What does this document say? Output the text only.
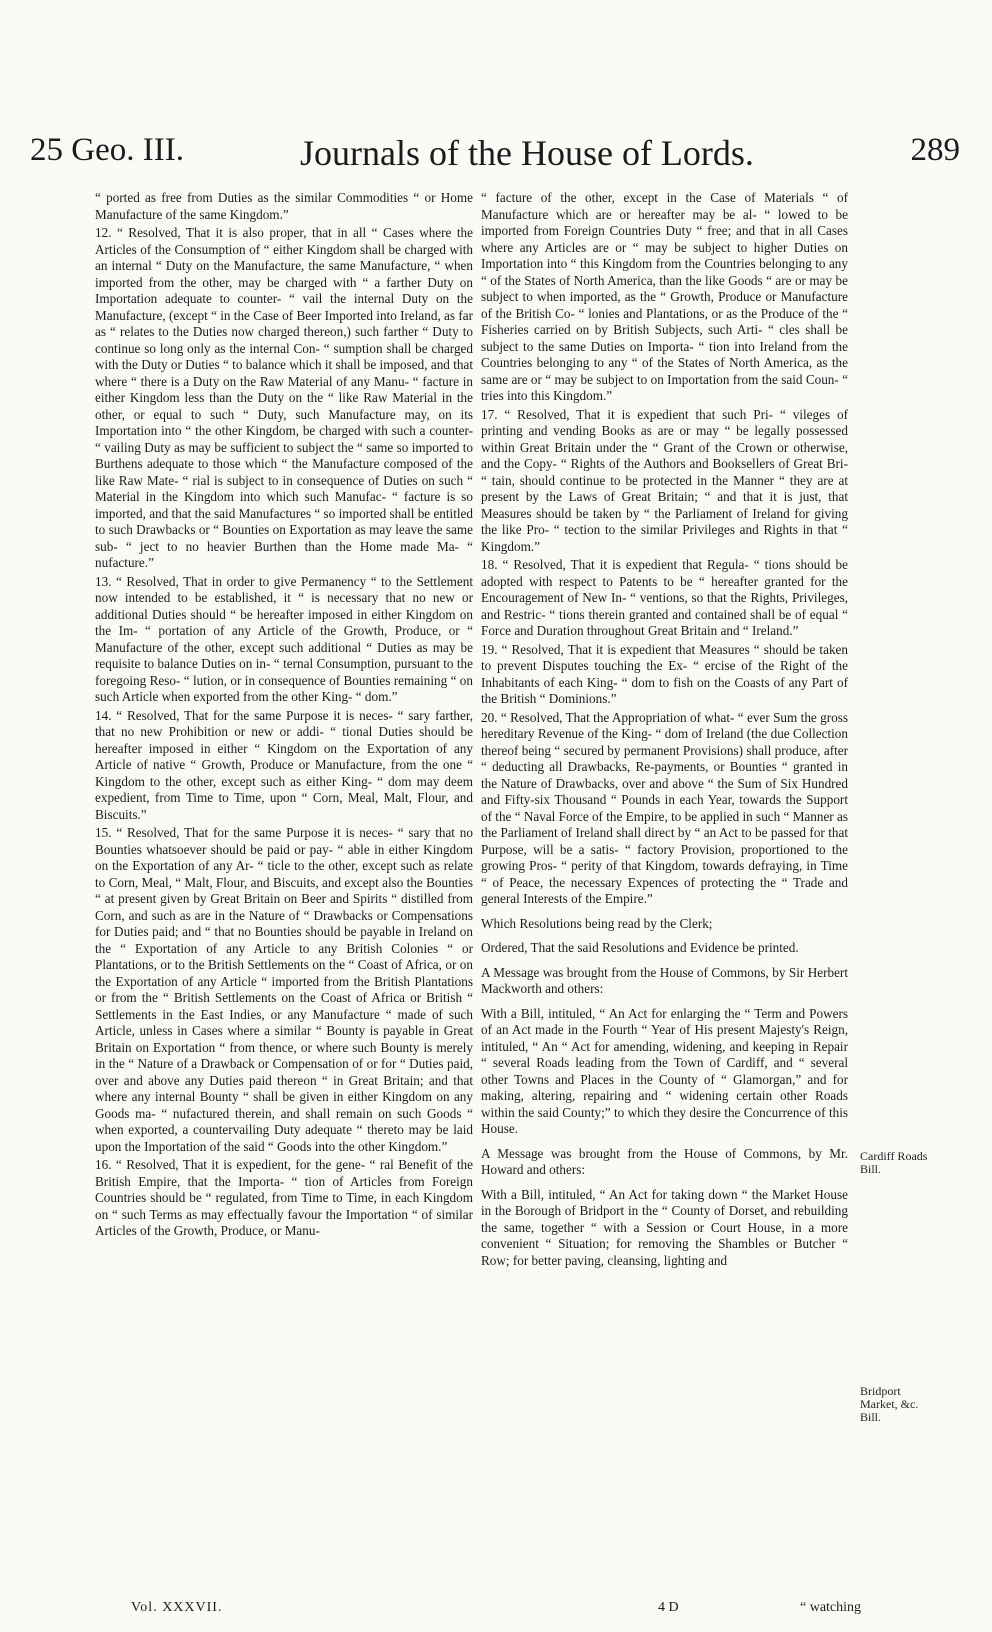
25 Geo. III.	Journals of the House of Lords.	289

“ ported as free from Duties as the similar Commodities “ or Home Manufacture of the same Kingdom.”

12. “ Resolved, That it is also proper, that in all “ Cases where the Articles of the Consumption of “ either Kingdom shall be charged with an internal “ Duty on the Manufacture, the same Manufacture, “ when imported from the other, may be charged with “ a farther Duty on Importation adequate to counter- “ vail the internal Duty on the Manufacture, (except “ in the Case of Beer Imported into Ireland, as far as “ relates to the Duties now charged thereon,) such farther “ Duty to continue so long only as the internal Con- “ sumption shall be charged with the Duty or Duties “ to balance which it shall be imposed, and that where “ there is a Duty on the Raw Material of any Manu- “ facture in either Kingdom less than the Duty on the “ like Raw Material in the other, or equal to such “ Duty, such Manufacture may, on its Importation into “ the other Kingdom, be charged with such a counter- “ vailing Duty as may be sufficient to subject the “ same so imported to Burthens adequate to those which “ the Manufacture composed of the like Raw Mate- “ rial is subject to in consequence of Duties on such “ Material in the Kingdom into which such Manufac- “ facture is so imported, and that the said Manufactures “ so imported shall be entitled to such Drawbacks or “ Bounties on Exportation as may leave the same sub- “ ject to no heavier Burthen than the Home made Ma- “ nufacture.”

13. “ Resolved, That in order to give Permanency “ to the Settlement now intended to be established, it “ is necessary that no new or additional Duties should “ be hereafter imposed in either Kingdom on the Im- “ portation of any Article of the Growth, Produce, or “ Manufacture of the other, except such additional “ Duties as may be requisite to balance Duties on in- “ ternal Consumption, pursuant to the foregoing Reso- “ lution, or in consequence of Bounties remaining “ on such Article when exported from the other King- “ dom.”

14. “ Resolved, That for the same Purpose it is neces- “ sary farther, that no new Prohibition or new or addi- “ tional Duties should be hereafter imposed in either “ Kingdom on the Exportation of any Article of native “ Growth, Produce or Manufacture, from the one “ Kingdom to the other, except such as either King- “ dom may deem expedient, from Time to Time, upon “ Corn, Meal, Malt, Flour, and Biscuits.”

15. “ Resolved, That for the same Purpose it is neces- “ sary that no Bounties whatsoever should be paid or pay- “ able in either Kingdom on the Exportation of any Ar- “ ticle to the other, except such as relate to Corn, Meal, “ Malt, Flour, and Biscuits, and except also the Bounties “ at present given by Great Britain on Beer and Spirits “ distilled from Corn, and such as are in the Nature of “ Drawbacks or Compensations for Duties paid; and “ that no Bounties should be payable in Ireland on the “ Exportation of any Article to any British Colonies “ or Plantations, or to the British Settlements on the “ Coast of Africa, or on the Exportation of any Article “ imported from the British Plantations or from the “ British Settlements on the Coast of Africa or British “ Settlements in the East Indies, or any Manufacture “ made of such Article, unless in Cases where a similar “ Bounty is payable in Great Britain on Exportation “ from thence, or where such Bounty is merely in the “ Nature of a Drawback or Compensation of or for “ Duties paid, over and above any Duties paid thereon “ in Great Britain; and that where any internal Bounty “ shall be given in either Kingdom on any Goods ma- “ nufactured therein, and shall remain on such Goods “ when exported, a countervailing Duty adequate “ thereto may be laid upon the Importation of the said “ Goods into the other Kingdom.”

16. “ Resolved, That it is expedient, for the gene- “ ral Benefit of the British Empire, that the Importa- “ tion of Articles from Foreign Countries should be “ regulated, from Time to Time, in each Kingdom on “ such Terms as may effectually favour the Importation “ of similar Articles of the Growth, Produce, or Manu-

“ facture of the other, except in the Case of Materials “ of Manufacture which are or hereafter may be al- “ lowed to be imported from Foreign Countries Duty “ free; and that in all Cases where any Articles are or “ may be subject to higher Duties on Importation into “ this Kingdom from the Countries belonging to any “ of the States of North America, than the like Goods “ are or may be subject to when imported, as the “ Growth, Produce or Manufacture of the British Co- “ lonies and Plantations, or as the Produce of the “ Fisheries carried on by British Subjects, such Arti- “ cles shall be subject to the same Duties on Importa- “ tion into Ireland from the Countries belonging to any “ of the States of North America, as the same are or “ may be subject to on Importation from the said Coun- “ tries into this Kingdom.”

17. “ Resolved, That it is expedient that such Pri- “ vileges of printing and vending Books as are or may “ be legally possessed within Great Britain under the “ Grant of the Crown or otherwise, and the Copy- “ Rights of the Authors and Booksellers of Great Bri- “ tain, should continue to be protected in the Manner “ they are at present by the Laws of Great Britain; “ and that it is just, that Measures should be taken by “ the Parliament of Ireland for giving the like Pro- “ tection to the similar Privileges and Rights in that “ Kingdom.”

18. “ Resolved, That it is expedient that Regula- “ tions should be adopted with respect to Patents to be “ hereafter granted for the Encouragement of New In- “ ventions, so that the Rights, Privileges, and Restric- “ tions therein granted and contained shall be of equal “ Force and Duration throughout Great Britain and “ Ireland.”

19. “ Resolved, That it is expedient that Measures “ should be taken to prevent Disputes touching the Ex- “ ercise of the Right of the Inhabitants of each King- “ dom to fish on the Coasts of any Part of the British “ Dominions.”

20. “ Resolved, That the Appropriation of what- “ ever Sum the gross hereditary Revenue of the King- “ dom of Ireland (the due Collection thereof being “ secured by permanent Provisions) shall produce, after “ deducting all Drawbacks, Re-payments, or Bounties “ granted in the Nature of Drawbacks, over and above “ the Sum of Six Hundred and Fifty-six Thousand “ Pounds in each Year, towards the Support of the “ Naval Force of the Empire, to be applied in such “ Manner as the Parliament of Ireland shall direct by “ an Act to be passed for that Purpose, will be a satis- “ factory Provision, proportioned to the growing Pros- “ perity of that Kingdom, towards defraying, in Time “ of Peace, the necessary Expences of protecting the “ Trade and general Interests of the Empire.”

Which Resolutions being read by the Clerk;

Ordered, That the said Resolutions and Evidence be printed.

A Message was brought from the House of Commons, by Sir Herbert Mackworth and others:

With a Bill, intituled, “ An Act for enlarging the “ Term and Powers of an Act made in the Fourth “ Year of His present Majesty's Reign, intituled, “ An “ Act for amending, widening, and keeping in Repair “ several Roads leading from the Town of Cardiff, and “ several other Towns and Places in the County of “ Glamorgan,” and for making, altering, repairing and “ widening certain other Roads within the said County;” to which they desire the Concurrence of this House.

A Message was brought from the House of Commons, by Mr. Howard and others:

With a Bill, intituled, “ An Act for taking down “ the Market House in the Borough of Bridport in the “ County of Dorset, and rebuilding the same, together “ with a Session or Court House, in a more convenient “ Situation; for removing the Shambles or Butcher “ Row; for better paving, cleansing, lighting and

Cardiff Roads Bill.
Bridport Market, &c. Bill.
Vol. XXXVII.	4 D	“ watching
